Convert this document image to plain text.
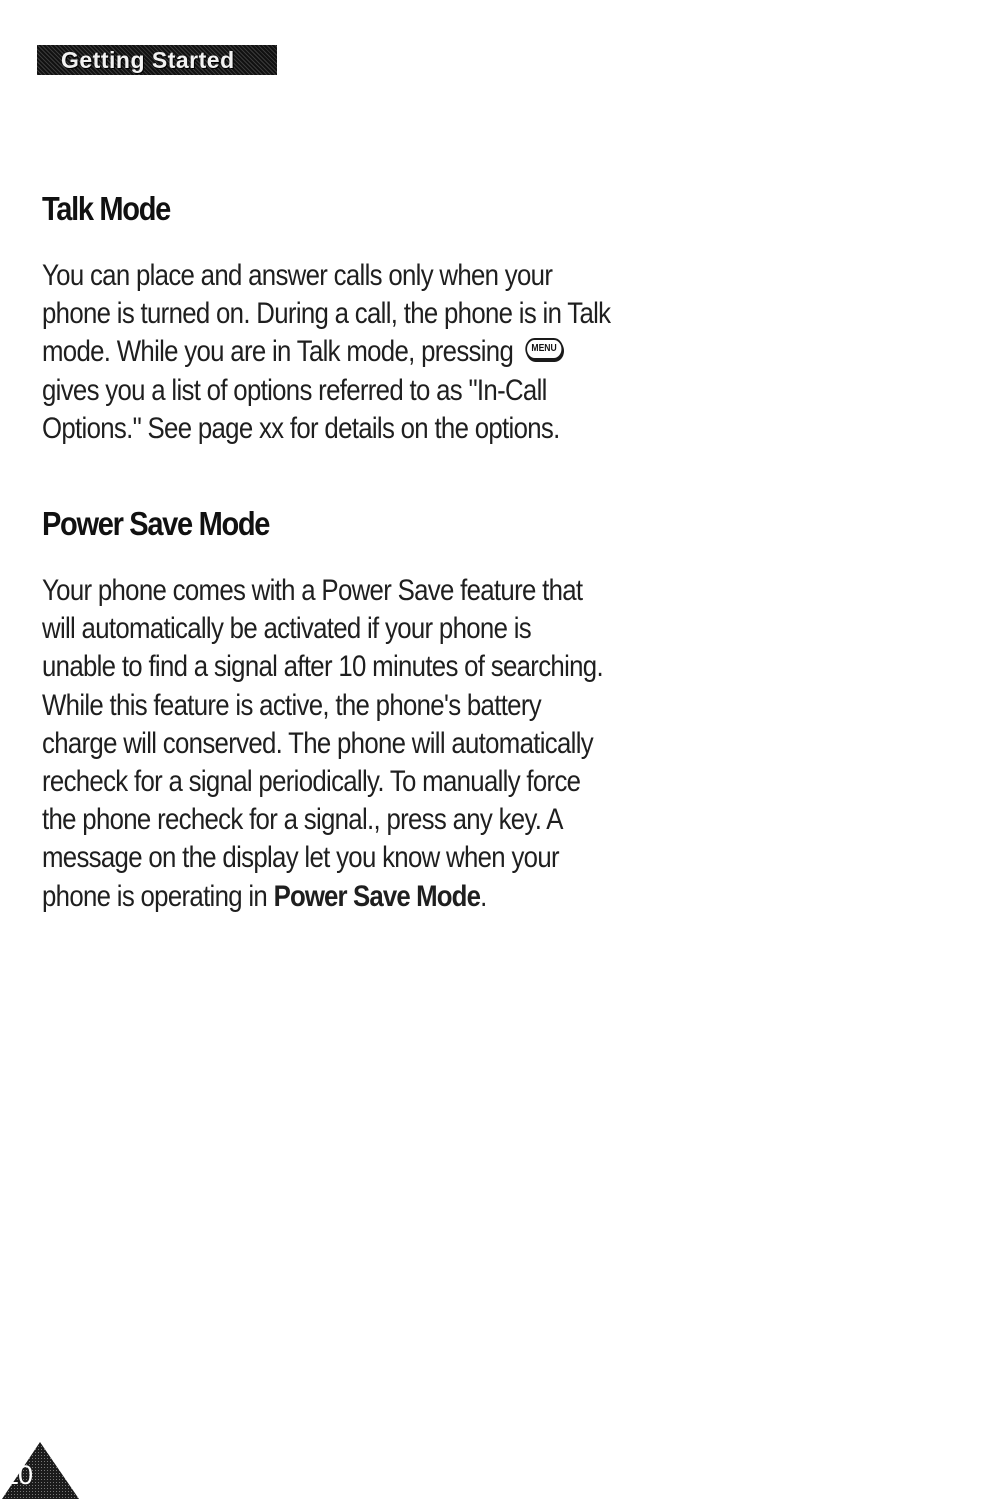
Getting Started
Talk Mode
You can place and answer calls only when your
phone is turned on. During a call, the phone is in Talk
mode. While you are in Talk mode, pressing MENU
gives you a list of options referred to as "In-Call
Options." See page xx for details on the options.
Power Save Mode
Your phone comes with a Power Save feature that
will automatically be activated if your phone is
unable to find a signal after 10 minutes of searching.
While this feature is active, the phone's battery
charge will conserved. The phone will automatically
recheck for a signal periodically. To manually force
the phone recheck for a signal., press any key. A
message on the display let you know when your
phone is operating in Power Save Mode.
20
